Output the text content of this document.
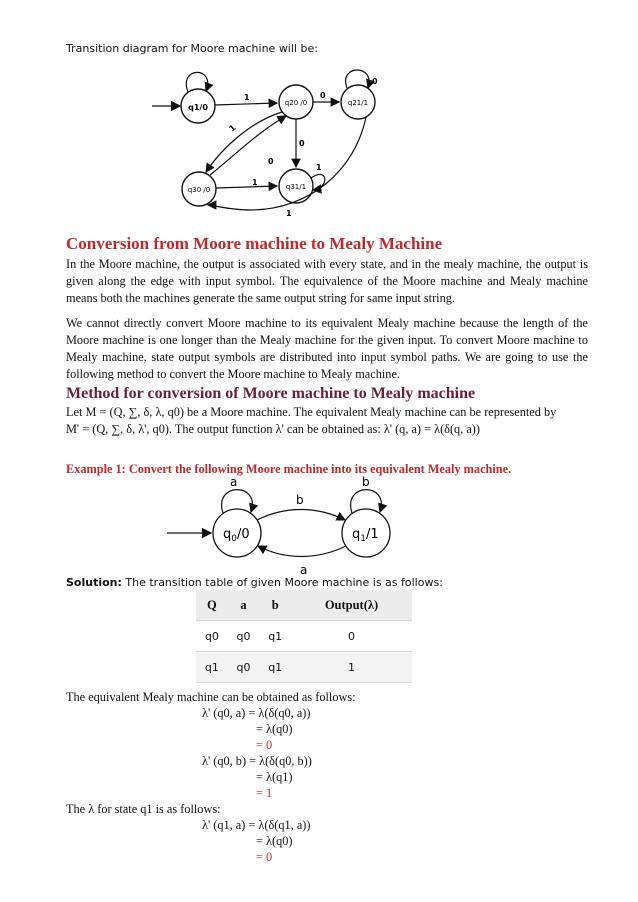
Transition diagram for Moore machine will be:
q1/0	q20 /0	q21/1
q30 /0	q31/1
1	0
0
1
0
0
1
1
1
Conversion from Moore machine to Mealy Machine
In the Moore machine, the output is associated with every state, and in the mealy machine, the output is given along the edge with input symbol. The equivalence of the Moore machine and Mealy machine means both the machines generate the same output string for same input string.
We cannot directly convert Moore machine to its equivalent Mealy machine because the length of the Moore machine is one longer than the Mealy machine for the given input. To convert Moore machine to Mealy machine, state output symbols are distributed into input symbol paths. We are going to use the following method to convert the Moore machine to Mealy machine.
Method for conversion of Moore machine to Mealy machine
Let M = (Q, ∑, δ, λ, q0) be a Moore machine. The equivalent Mealy machine can be represented by
M' = (Q, ∑, δ, λ', q0). The output function λ' can be obtained as: λ' (q, a) = λ(δ(q, a))
Example 1: Convert the following Moore machine into its equivalent Mealy machine.
$q_0/0$	$q_1/1$
a	b
b
a
Solution: The transition table of given Moore machine is as follows:
Q	a	b	Output(λ)
q0	q0	q1	0
q1	q0	q1	1
The equivalent Mealy machine can be obtained as follows:
λ' (q0, a) = λ(δ(q0, a))
= λ(q0)
= 0
λ' (q0, b) = λ(δ(q0, b))
= λ(q1)
= 1
The λ for state q1 is as follows:
λ' (q1, a) = λ(δ(q1, a))
= λ(q0)
= 0
